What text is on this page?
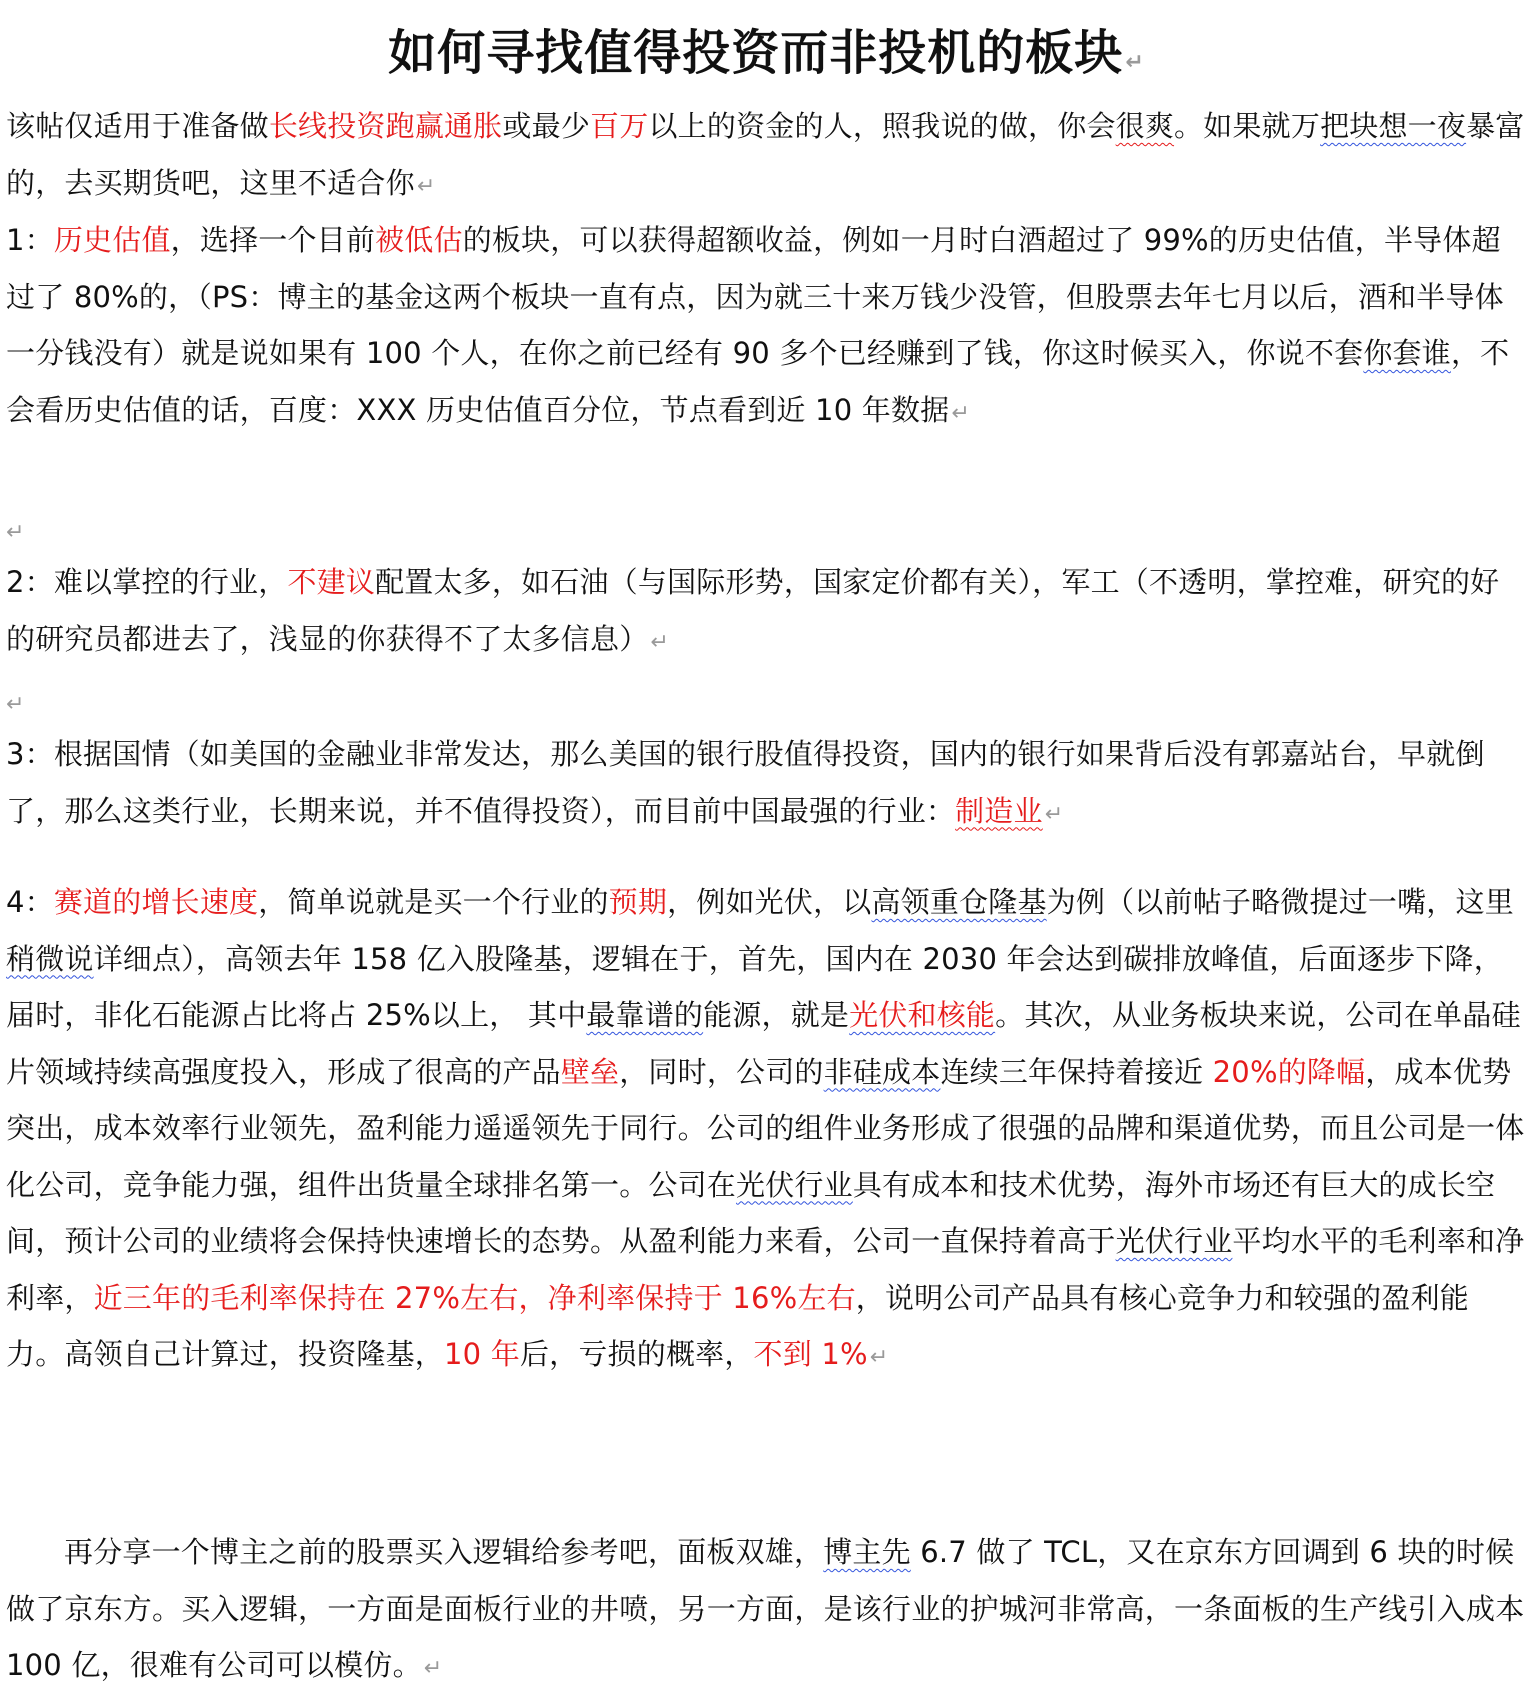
如何寻找值得投资而非投机的板块↵

该帖仅适用于准备做长线投资跑赢通胀或最少百万以上的资金的人，照我说的做，你会很爽。如果就万把块想一夜暴富的，去买期货吧，这里不适合你↵

1：历史估值，选择一个目前被低估的板块，可以获得超额收益，例如一月时白酒超过了 99%的历史估值，半导体超过了 80%的，（PS：博主的基金这两个板块一直有点，因为就三十来万钱少没管，但股票去年七月以后，酒和半导体一分钱没有）就是说如果有 100 个人，在你之前已经有 90 多个已经赚到了钱，你这时候买入，你说不套你套谁，不会看历史估值的话，百度：XXX 历史估值百分位，节点看到近 10 年数据↵

↵

2：难以掌控的行业，不建议配置太多，如石油（与国际形势，国家定价都有关），军工（不透明，掌控难，研究的好的研究员都进去了，浅显的你获得不了太多信息）↵

↵

3：根据国情（如美国的金融业非常发达，那么美国的银行股值得投资，国内的银行如果背后没有郭嘉站台，早就倒了，那么这类行业，长期来说，并不值得投资），而目前中国最强的行业：制造业↵

4：赛道的增长速度，简单说就是买一个行业的预期，例如光伏，以高领重仓隆基为例（以前帖子略微提过一嘴，这里稍微说详细点），高领去年 158 亿入股隆基，逻辑在于，首先，国内在 2030 年会达到碳排放峰值，后面逐步下降，届时，非化石能源占比将占 25%以上， 其中最靠谱的能源，就是光伏和核能。其次，从业务板块来说，公司在单晶硅片领域持续高强度投入，形成了很高的产品壁垒，同时，公司的非硅成本连续三年保持着接近 20%的降幅，成本优势突出，成本效率行业领先，盈利能力遥遥领先于同行。公司的组件业务形成了很强的品牌和渠道优势，而且公司是一体化公司，竞争能力强，组件出货量全球排名第一。公司在光伏行业具有成本和技术优势，海外市场还有巨大的成长空间，预计公司的业绩将会保持快速增长的态势。从盈利能力来看，公司一直保持着高于光伏行业平均水平的毛利率和净利率，近三年的毛利率保持在 27%左右，净利率保持于 16%左右，说明公司产品具有核心竞争力和较强的盈利能力。高领自己计算过，投资隆基，10 年后，亏损的概率，不到 1%↵

再分享一个博主之前的股票买入逻辑给参考吧，面板双雄，博主先 6.7 做了 TCL，又在京东方回调到 6 块的时候做了京东方。买入逻辑，一方面是面板行业的井喷，另一方面，是该行业的护城河非常高，一条面板的生产线引入成本 100 亿，很难有公司可以模仿。↵
